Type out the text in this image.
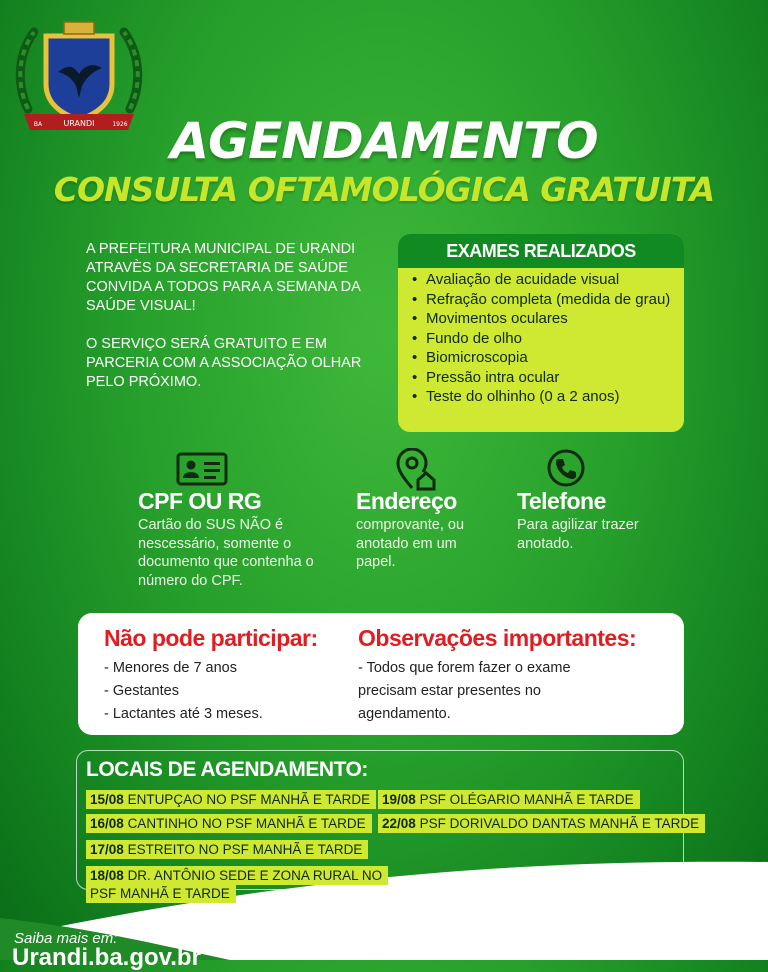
URANDI
BA	1926 AGENDAMENTO
CONSULTA OFTAMOLÓGICA GRATUITA

A PREFEITURA MUNICIPAL DE URANDI ATRAVÈS DA SECRETARIA DE SAÚDE CONVIDA A TODOS PARA A SEMANA DA SAÚDE VISUAL!

O SERVIÇO SERÁ GRATUITO E EM PARCERIA COM A ASSOCIAÇÃO OLHAR PELO PRÓXIMO.

EXAMES REALIZADOS
• Avaliação de acuidade visual
• Refração completa (medida de grau)
• Movimentos oculares
• Fundo de olho
• Biomicroscopia
• Pressão intra ocular
• Teste do olhinho (0 a 2 anos)
CPF OU RG
Cartão do SUS NÃO é nescessário, somente o documento que contenha o número do CPF.
Endereço
comprovante, ou anotado em um papel.
Telefone
Para agilizar trazer anotado.
Não pode participar:
- Menores de 7 anos
- Gestantes
- Lactantes até 3 meses.
Observações importantes:
- Todos que forem fazer o exame precisam estar presentes no agendamento.
LOCAIS DE AGENDAMENTO:
15/08 ENTUPÇAO NO PSF MANHÃ E TARDE
16/08 CANTINHO NO PSF MANHÃ E TARDE
17/08 ESTREITO NO PSF MANHÃ E TARDE
18/08 DR. ANTÔNIO SEDE E ZONA RURAL NO
PSF MANHÃ E TARDE
19/08 PSF OLÉGARIO MANHÃ E TARDE
22/08 PSF DORIVALDO DANTAS MANHÃ E TARDE
Saiba mais em:
Urandi.ba.gov.br
